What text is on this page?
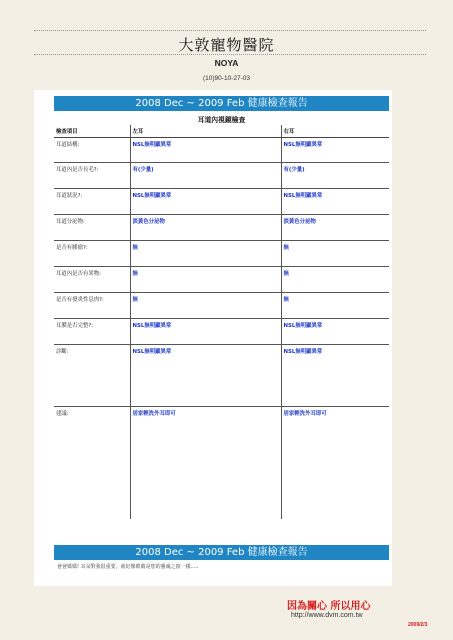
大敦寵物醫院
NOYA
(10)90-10-27-03
2008 Dec ~ 2009 Feb 健康檢查報告
耳道內視鏡檢查
檢查項目	左耳	右耳
耳道結構:	NSL無明顯異常	NSL無明顯異常
耳道內是否長毛?:	有(少量)	有(少量)
耳道狀況?:	NSL無明顯異常	NSL無明顯異常
耳道分泌物:	淡黃色分泌物	淡黃色分泌物
是否有腫瘤?:	無	無
耳道內是否有異物:	無	無
是否有發炎性息肉?:	無	無
耳膜是否完整?:	NSL無明顯異常	NSL無明顯異常
診斷:	NSL無明顯異常	NSL無明顯異常
建議:	居家輕洗外耳即可	居家輕洗外耳即可
2008 Dec ~ 2009 Feb 健康檢查報告
爸爸媽媽! 耳朵對我很重要，就好像眼睛是您的靈魂之窗一樣.....
因為關心 所以用心
http://www.dvm.com.tw
2009/2/3
